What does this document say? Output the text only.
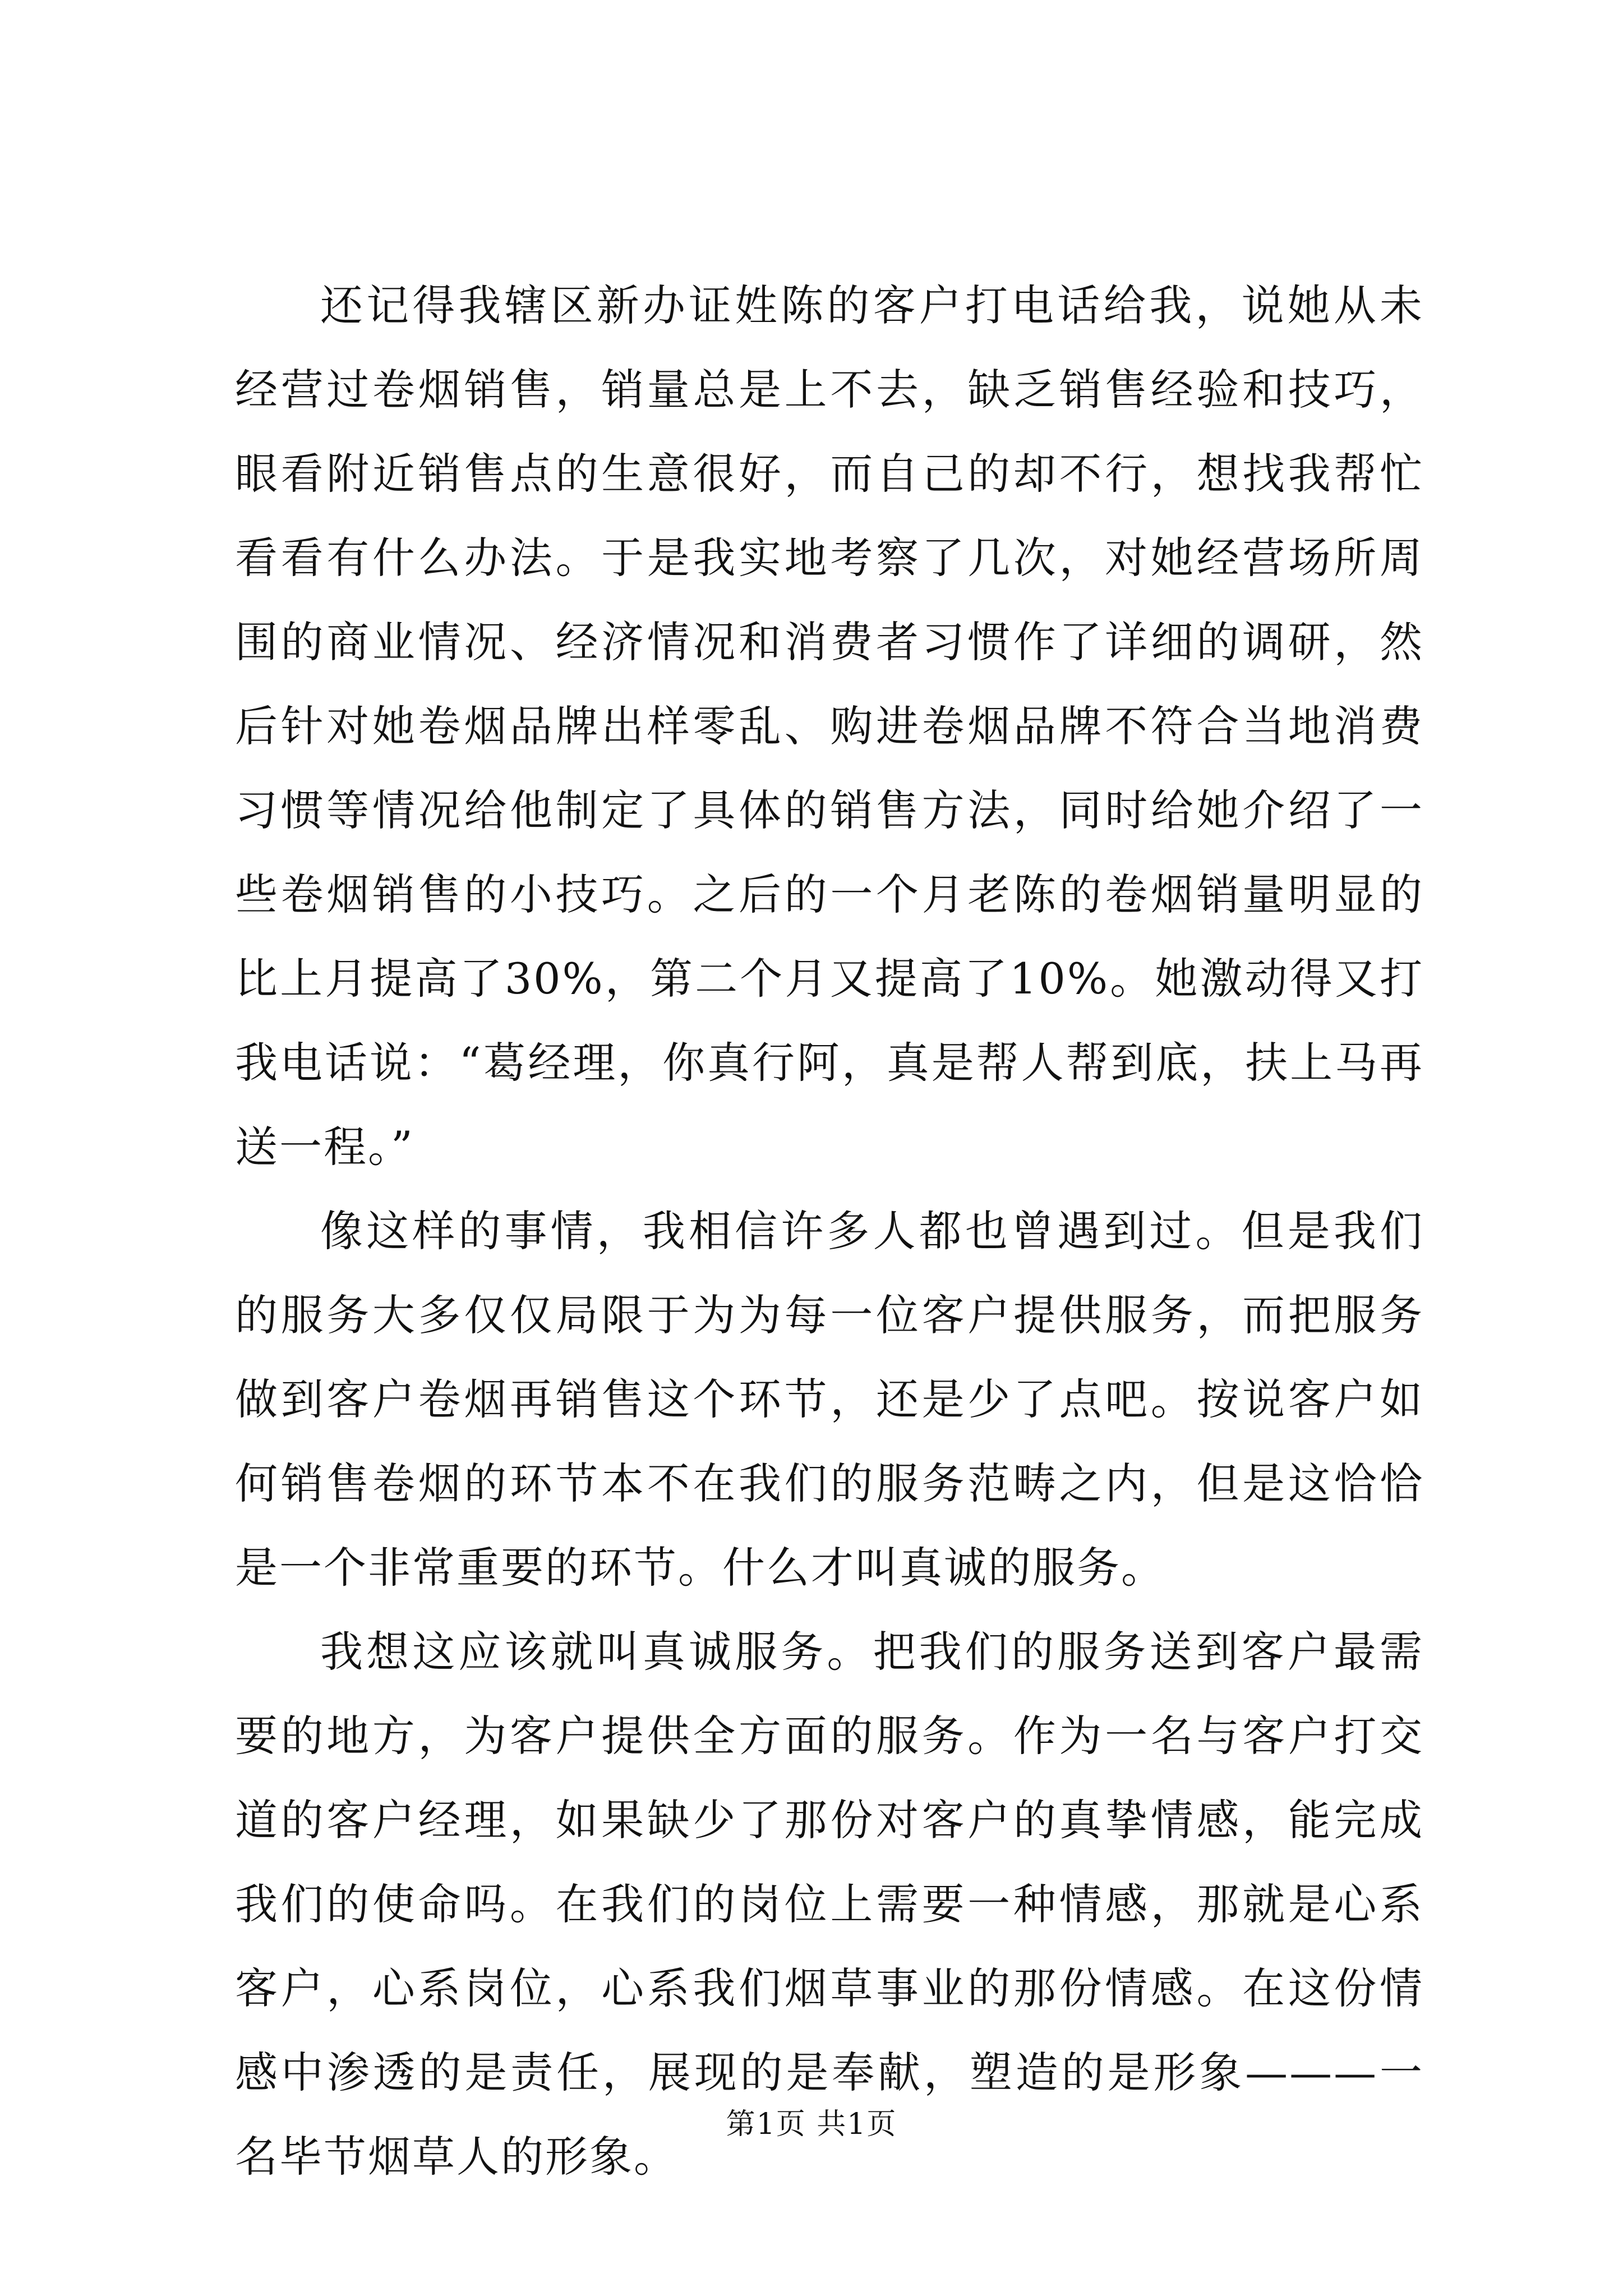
还记得我辖区新办证姓陈的客户打电话给我，说她从未经营过卷烟销售，销量总是上不去，缺乏销售经验和技巧，眼看附近销售点的生意很好，而自己的却不行，想找我帮忙看看有什么办法。于是我实地考察了几次，对她经营场所周围的商业情况、经济情况和消费者习惯作了详细的调研，然后针对她卷烟品牌出样零乱、购进卷烟品牌不符合当地消费习惯等情况给他制定了具体的销售方法，同时给她介绍了一些卷烟销售的小技巧。之后的一个月老陈的卷烟销量明显的比上月提高了30%，第二个月又提高了10%。她激动得又打我电话说：“葛经理，你真行阿，真是帮人帮到底，扶上马再送一程。”

像这样的事情，我相信许多人都也曾遇到过。但是我们的服务大多仅仅局限于为为每一位客户提供服务，而把服务做到客户卷烟再销售这个环节，还是少了点吧。按说客户如何销售卷烟的环节本不在我们的服务范畴之内，但是这恰恰是一个非常重要的环节。什么才叫真诚的服务。

我想这应该就叫真诚服务。把我们的服务送到客户最需要的地方，为客户提供全方面的服务。作为一名与客户打交道的客户经理，如果缺少了那份对客户的真挚情感，能完成我们的使命吗。在我们的岗位上需要一种情感，那就是心系客户，心系岗位，心系我们烟草事业的那份情感。在这份情感中渗透的是责任，展现的是奉献，塑造的是形象———一名毕节烟草人的形象。

第1页 共1页
